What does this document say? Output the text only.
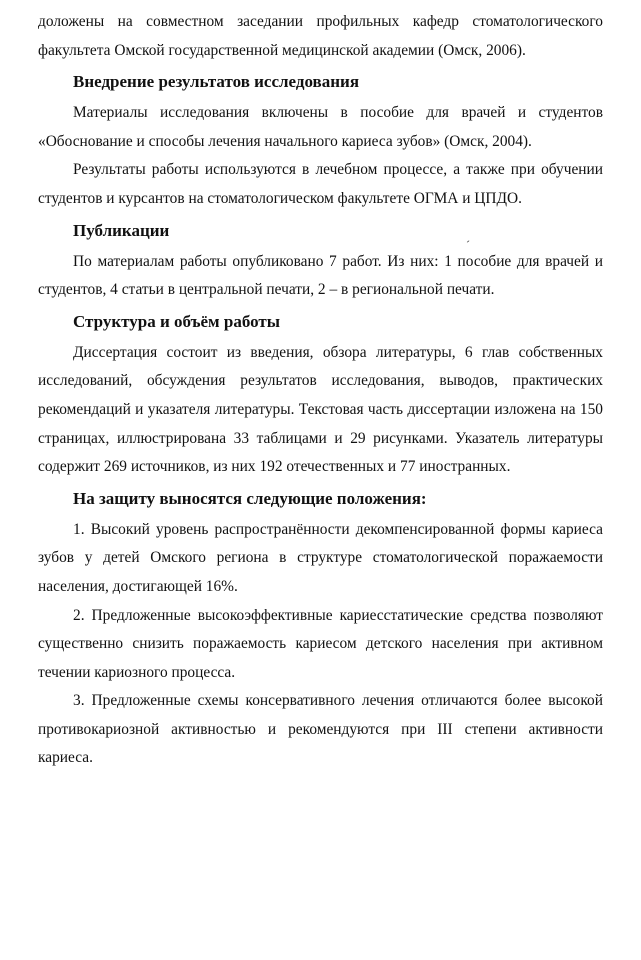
доложены на совместном заседании профильных кафедр стоматологического факультета Омской государственной медицинской академии (Омск, 2006).

Внедрение результатов исследования

Материалы исследования включены в пособие для врачей и студентов «Обоснование и способы лечения начального кариеса зубов» (Омск, 2004).

Результаты работы используются в лечебном процессе, а также при обучении студентов и курсантов на стоматологическом факультете ОГМА и ЦПДО.

Публикации

По материалам работы опубликовано 7 работ. Из них: 1 пособие для врачей и студентов, 4 статьи в центральной печати, 2 – в региональной печати.

Структура и объём работы

Диссертация состоит из введения, обзора литературы, 6 глав собственных исследований, обсуждения результатов исследования, выводов, практических рекомендаций и указателя литературы. Текстовая часть диссертации изложена на 150 страницах, иллюстрирована 33 таблицами и 29 рисунками. Указатель литературы содержит 269 источников, из них 192 отечественных и 77 иностранных.

На защиту выносятся следующие положения:

1. Высокий уровень распространённости декомпенсированной формы кариеса зубов у детей Омского региона в структуре стоматологической поражаемости населения, достигающей 16%.

2. Предложенные высокоэффективные кариесстатические средства позволяют существенно снизить поражаемость кариесом детского населения при активном течении кариозного процесса.

3. Предложенные схемы консервативного лечения отличаются более высокой противокариозной активностью и рекомендуются при III степени активности кариеса.

´
